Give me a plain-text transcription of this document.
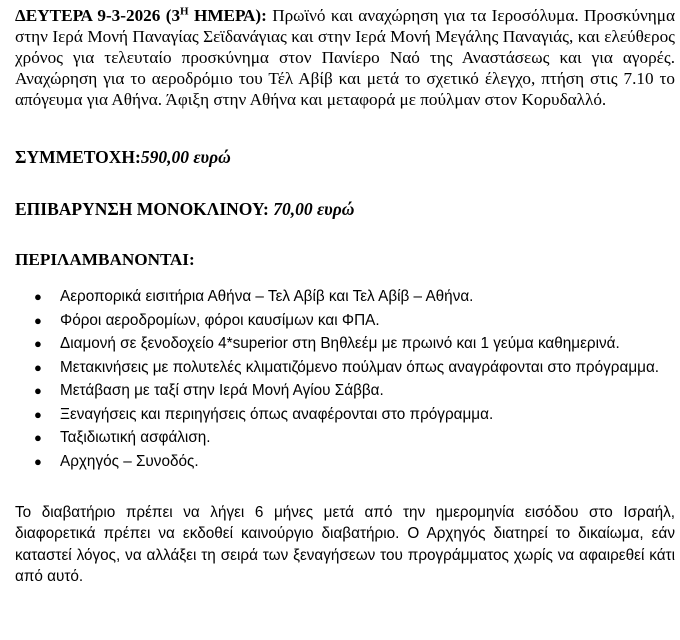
ΔΕΥΤΕΡΑ 9-3-2026 ($3^H$ ΗΜΕΡΑ): Πρωϊνό και αναχώρηση για τα Ιεροσόλυμα. Προσκύνημα στην Ιερά Μονή Παναγίας Σεϊδανάγιας και στην Ιερά Μονή Μεγάλης Παναγιάς, και ελεύθερος χρόνος για τελευταίο προσκύνημα στον Πανίερο Ναό της Αναστάσεως και για αγορές. Αναχώρηση για το αεροδρόμιο του Τέλ Αβίβ και μετά το σχετικό έλεγχο, πτήση στις 7.10 το απόγευμα για Αθήνα. Άφιξη στην Αθήνα και μεταφορά με πούλμαν στον Κορυδαλλό.

ΣΥΜΜΕΤΟΧΗ:590,00 ευρώ

ΕΠΙΒΑΡΥΝΣΗ ΜΟΝΟΚΛΙΝΟΥ: 70,00 ευρώ

ΠΕΡΙΛΑΜΒΑΝΟΝΤΑΙ:

● Αεροπορικά εισιτήρια Αθήνα – Τελ Αβίβ και Τελ Αβίβ – Αθήνα.
● Φόροι αεροδρομίων, φόροι καυσίμων και ΦΠΑ.
● Διαμονή σε ξενοδοχείο 4*superior στη Βηθλεέμ με πρωινό και 1 γεύμα καθημερινά.
● Μετακινήσεις με πολυτελές κλιματιζόμενο πούλμαν όπως αναγράφονται στο πρόγραμμα.
● Μετάβαση με ταξί στην Ιερά Μονή Αγίου Σάββα.
● Ξεναγήσεις και περιηγήσεις όπως αναφέρονται στο πρόγραμμα.
● Ταξιδιωτική ασφάλιση.
● Αρχηγός – Συνοδός.

Το διαβατήριο πρέπει να λήγει 6 μήνες μετά από την ημερομηνία εισόδου στο Ισραήλ, διαφορετικά πρέπει να εκδοθεί καινούργιο διαβατήριο. Ο Αρχηγός διατηρεί το δικαίωμα, εάν καταστεί λόγος, να αλλάξει τη σειρά των ξεναγήσεων του προγράμματος χωρίς να αφαιρεθεί κάτι από αυτό.
